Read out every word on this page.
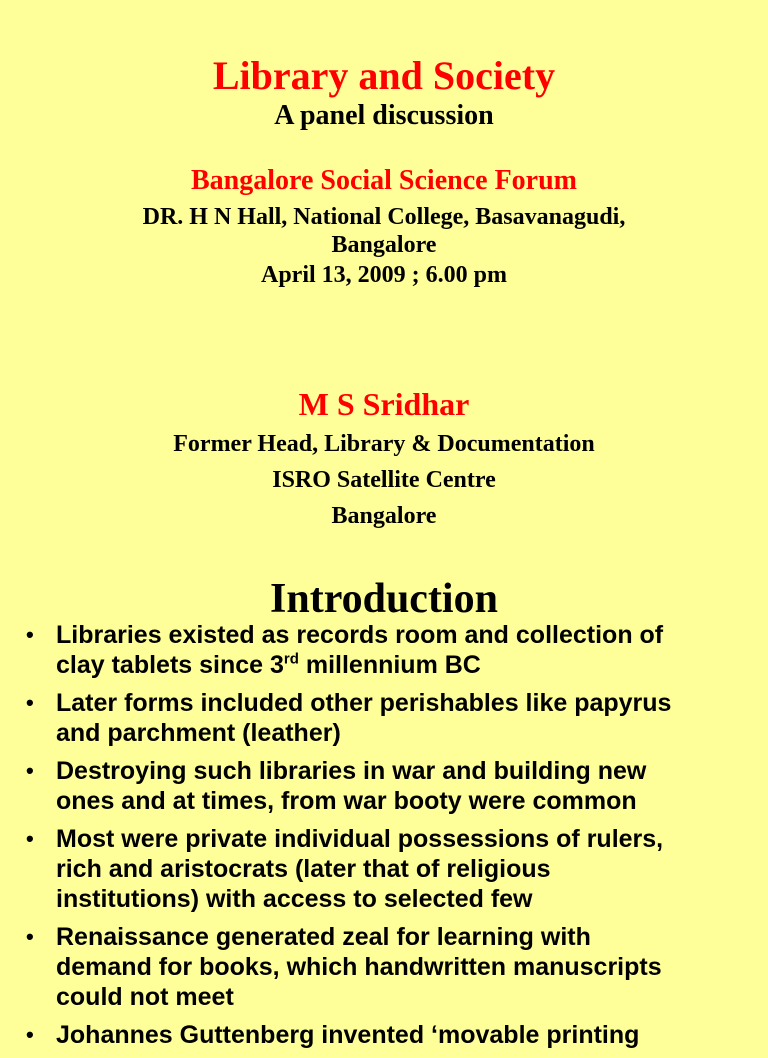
Library and Society
A panel discussion
Bangalore Social Science Forum
DR. H N Hall, National College, Basavanagudi,
Bangalore
April 13, 2009 ; 6.00 pm
M S Sridhar
Former Head, Library & Documentation
ISRO Satellite Centre
Bangalore
Introduction
• Libraries existed as records room and collection of
clay tablets since 3rd millennium BC
• Later forms included other perishables like papyrus
and parchment (leather)
• Destroying such libraries in war and building new
ones and at times, from war booty were common
• Most were private individual possessions of rulers,
rich and aristocrats (later that of religious
institutions) with access to selected few
• Renaissance generated zeal for learning with
demand for books, which handwritten manuscripts
could not meet
• Johannes Guttenberg invented ‘movable printing
